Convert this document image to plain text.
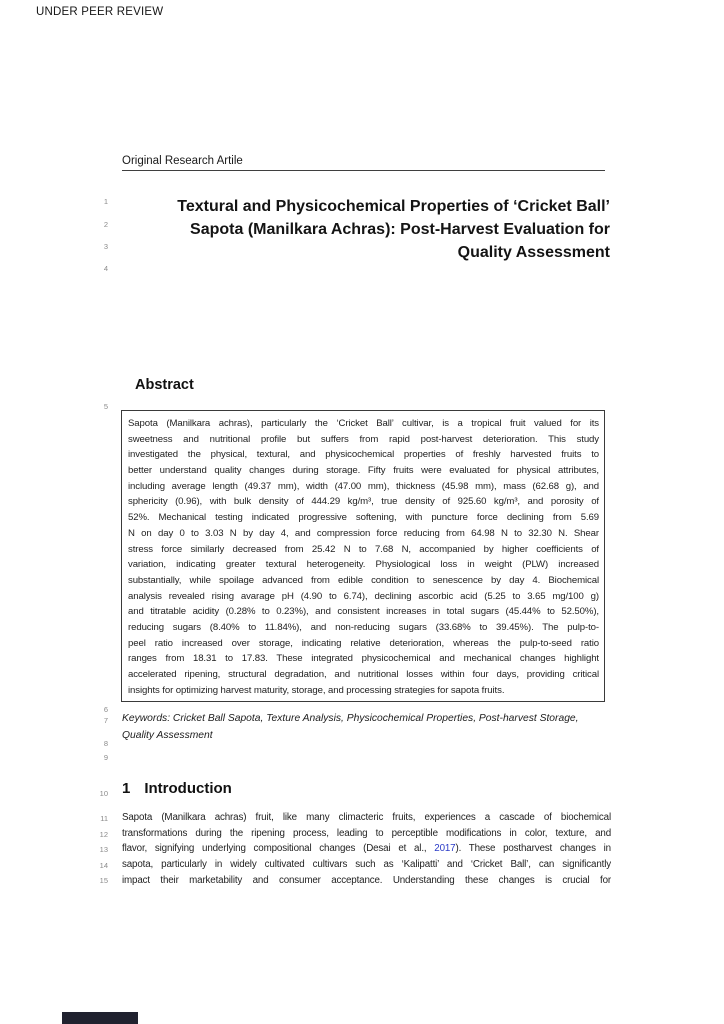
UNDER PEER REVIEW
Original Research Artile
1
2
3
4
5
6
7
8
9
10
11
12
13
14
15
Textural and Physicochemical Properties of ‘Cricket Ball’
Sapota (Manilkara Achras): Post-Harvest Evaluation for
Quality Assessment
Abstract
Sapota (Manilkara achras), particularly the ‘Cricket Ball’ cultivar, is a tropical fruit valued for its
sweetness and nutritional profile but suffers from rapid post-harvest deterioration. This study
investigated the physical, textural, and physicochemical properties of freshly harvested fruits to
better understand quality changes during storage. Fifty fruits were evaluated for physical attributes,
including average length (49.37 mm), width (47.00 mm), thickness (45.98 mm), mass (62.68 g), and
sphericity (0.96), with bulk density of 444.29 kg/m³, true density of 925.60 kg/m³, and porosity of
52%. Mechanical testing indicated progressive softening, with puncture force declining from 5.69
N on day 0 to 3.03 N by day 4, and compression force reducing from 64.98 N to 32.30 N. Shear
stress force similarly decreased from 25.42 N to 7.68 N, accompanied by higher coefficients of
variation, indicating greater textural heterogeneity. Physiological loss in weight (PLW) increased
substantially, while spoilage advanced from edible condition to senescence by day 4. Biochemical
analysis revealed rising avarage pH (4.90 to 6.74), declining ascorbic acid (5.25 to 3.65 mg/100 g)
and titratable acidity (0.28% to 0.23%), and consistent increases in total sugars (45.44% to 52.50%),
reducing sugars (8.40% to 11.84%), and non-reducing sugars (33.68% to 39.45%). The pulp-to-
peel ratio increased over storage, indicating relative deterioration, whereas the pulp-to-seed ratio
ranges from 18.31 to 17.83. These integrated physicochemical and mechanical changes highlight
accelerated ripening, structural degradation, and nutritional losses within four days, providing critical
insights for optimizing harvest maturity, storage, and processing strategies for sapota fruits.
Keywords: Cricket Ball Sapota, Texture Analysis, Physicochemical Properties, Post-harvest Storage,
Quality Assessment
1 Introduction
Sapota (Manilkara achras) fruit, like many climacteric fruits, experiences a cascade of biochemical
transformations during the ripening process, leading to perceptible modifications in color, texture, and
flavor, signifying underlying compositional changes (Desai et al., 2017). These postharvest changes in
sapota, particularly in widely cultivated cultivars such as ‘Kalipatti’ and ‘Cricket Ball’, can significantly
impact their marketability and consumer acceptance. Understanding these changes is crucial for
